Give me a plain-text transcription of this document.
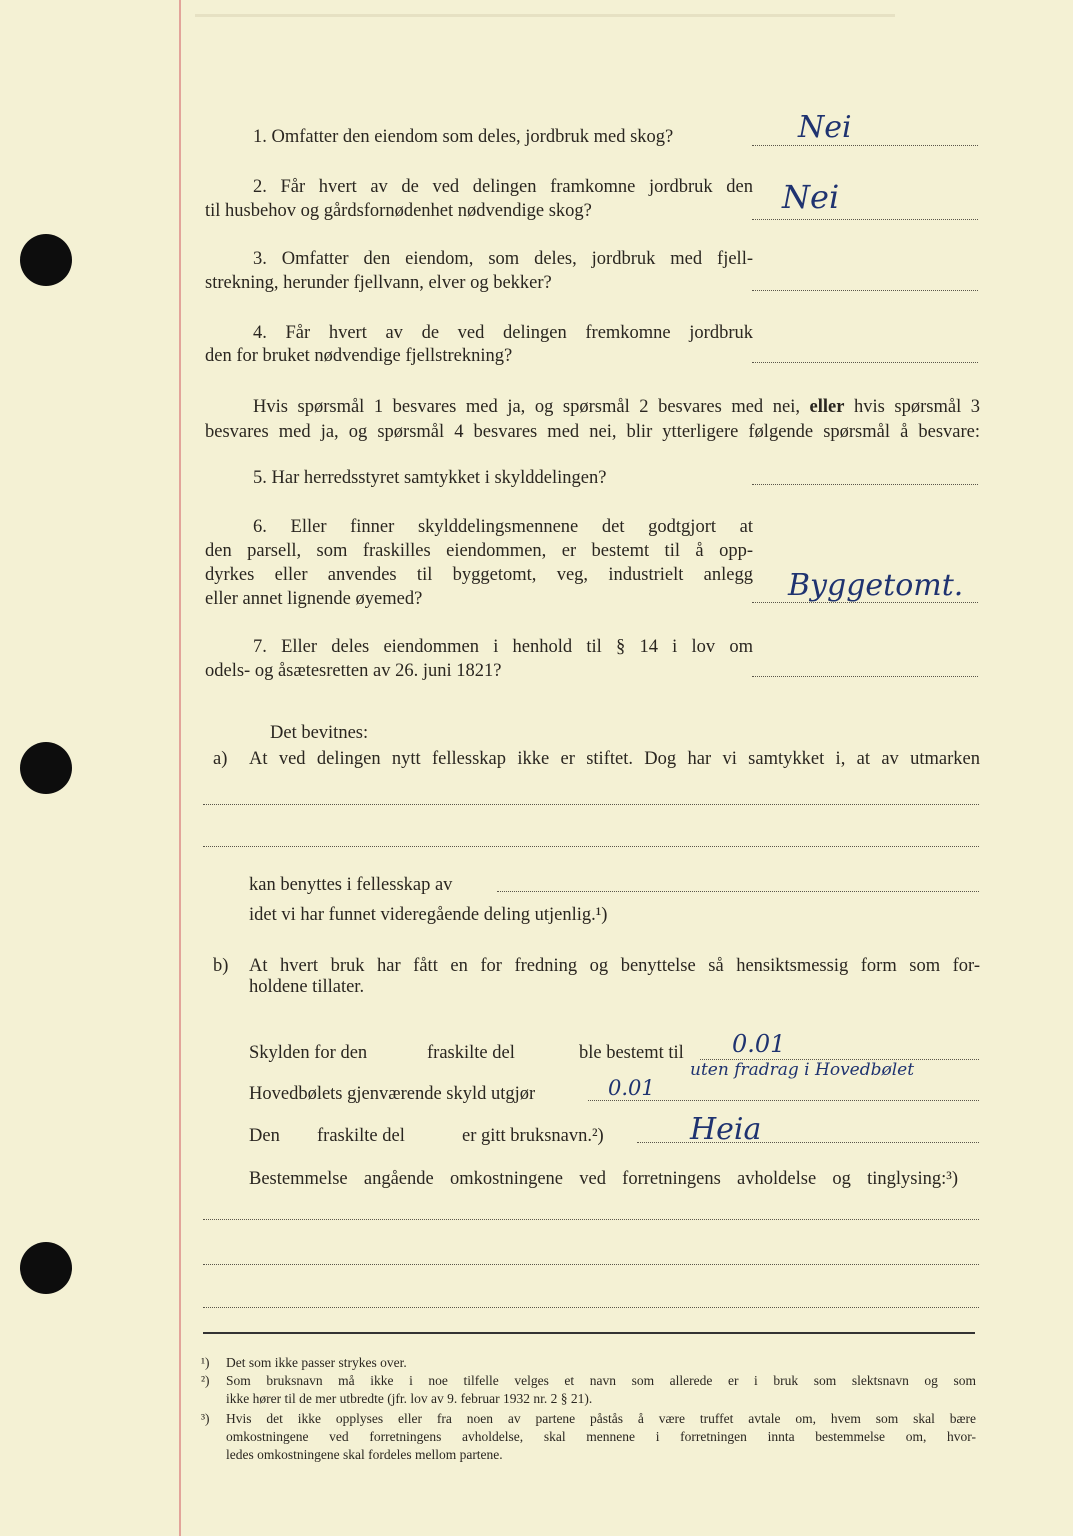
1. Omfatter den eiendom som deles, jordbruk med skog?	Nei
2. Får hvert av de ved delingen framkomne jordbruk den
til husbehov og gårdsfornødenhet nødvendige skog?	Nei
3. Omfatter den eiendom, som deles, jordbruk med fjell-
strekning, herunder fjellvann, elver og bekker?
4. Får hvert av de ved delingen fremkomne jordbruk
den for bruket nødvendige fjellstrekning?
Hvis spørsmål 1 besvares med ja, og spørsmål 2 besvares med nei, eller hvis spørsmål 3
besvares med ja, og spørsmål 4 besvares med nei, blir ytterligere følgende spørsmål å besvare:
5. Har herredsstyret samtykket i skylddelingen?
6. Eller finner skylddelingsmennene det godtgjort at
den parsell, som fraskilles eiendommen, er bestemt til å opp-
dyrkes eller anvendes til byggetomt, veg, industrielt anlegg
eller annet lignende øyemed?	Byggetomt.
7. Eller deles eiendommen i henhold til § 14 i lov om
odels- og åsætesretten av 26. juni 1821?
Det bevitnes:
a) At ved delingen nytt fellesskap ikke er stiftet. Dog har vi samtykket i, at av utmarken
kan benyttes i fellesskap av
idet vi har funnet videregående deling utjenlig.¹)
b) At hvert bruk har fått en for fredning og benyttelse så hensiktsmessig form som for-
holdene tillater.
Skylden for den	fraskilte del	ble bestemt til 0.01
uten fradrag i Hovedbølet
Hovedbølets gjenværende skyld utgjør	0.01
Den fraskilte del	er gitt bruksnavn.²)	Heia
Bestemmelse angående omkostningene ved forretningens avholdelse og tinglysing:³)
¹) Det som ikke passer strykes over.
²) Som bruksnavn må ikke i noe tilfelle velges et navn som allerede er i bruk som slektsnavn og som
ikke hører til de mer utbredte (jfr. lov av 9. februar 1932 nr. 2 § 21).
³) Hvis det ikke opplyses eller fra noen av partene påstås å være truffet avtale om, hvem som skal bære
omkostningene ved forretningens avholdelse, skal mennene i forretningen innta bestemmelse om, hvor-
ledes omkostningene skal fordeles mellom partene.
